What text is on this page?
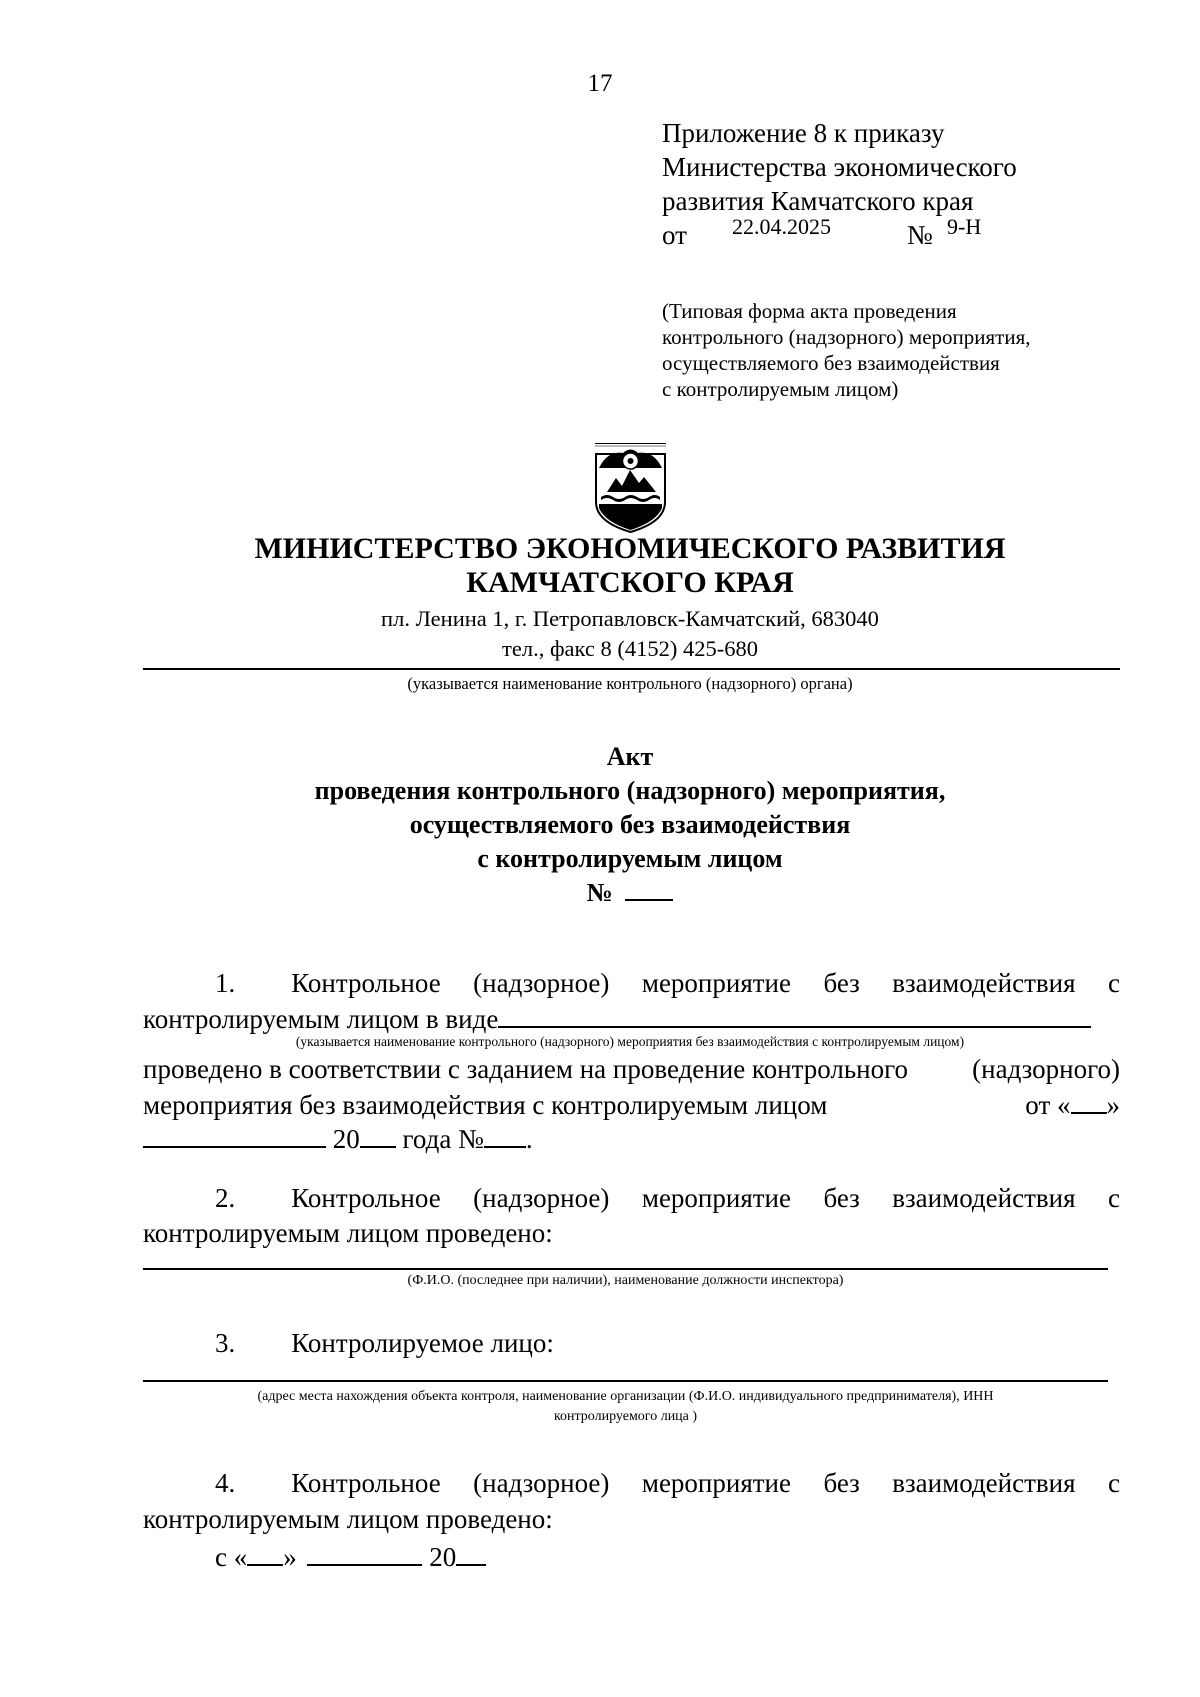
17
Приложение 8 к приказу
Министерства экономического
развития Камчатского края
от	22.04.2025	№ 9-Н
(Типовая форма акта проведения
контрольного (надзорного) мероприятия,
осуществляемого без взаимодействия
с контролируемым лицом)
МИНИСТЕРСТВО ЭКОНОМИЧЕСКОГО РАЗВИТИЯ
КАМЧАТСКОГО КРАЯ
пл. Ленина 1, г. Петропавловск-Камчатский, 683040
тел., факс 8 (4152) 425-680
(указывается наименование контрольного (надзорного) органа)
Акт
проведения контрольного (надзорного) мероприятия,
осуществляемого без взаимодействия
с контролируемым лицом
№
1. Контрольное (надзорное) мероприятие без взаимодействия с
контролируемым лицом в виде
(указывается наименование контрольного (надзорного) мероприятия без взаимодействия с контролируемым лицом)
проведено в соответствии с заданием на проведение контрольного (надзорного)
мероприятия без взаимодействия с контролируемым лицом	от « »
20 года № .
2. Контрольное (надзорное) мероприятие без взаимодействия с
контролируемым лицом проведено:
(Ф.И.О. (последнее при наличии), наименование должности инспектора)
3. Контролируемое лицо:
(адрес места нахождения объекта контроля, наименование организации (Ф.И.О. индивидуального предпринимателя), ИНН
контролируемого лица )
4. Контрольное (надзорное) мероприятие без взаимодействия с
контролируемым лицом проведено:
с « »	20
